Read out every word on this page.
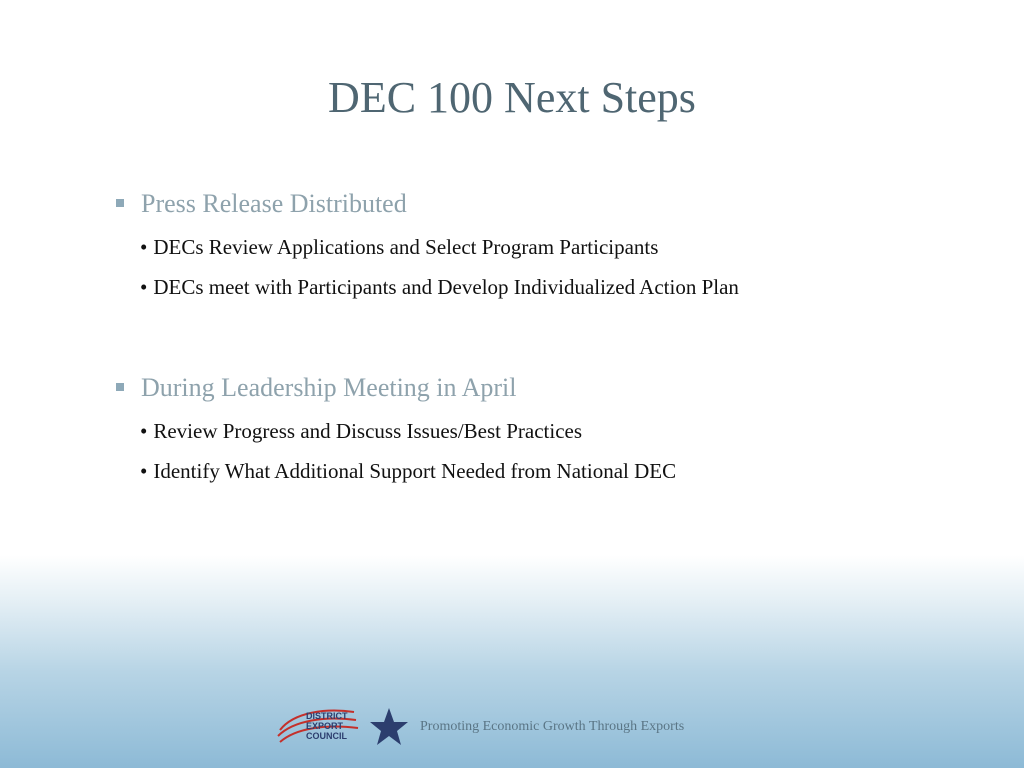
DEC 100 Next Steps
Press Release Distributed
• DECs Review Applications and Select Program Participants
• DECs meet with Participants and Develop Individualized Action Plan
During Leadership Meeting in April
• Review Progress and Discuss Issues/Best Practices
• Identify What Additional Support Needed from National DEC
DISTRICT
EXPORT
COUNCIL
Promoting Economic Growth Through Exports
